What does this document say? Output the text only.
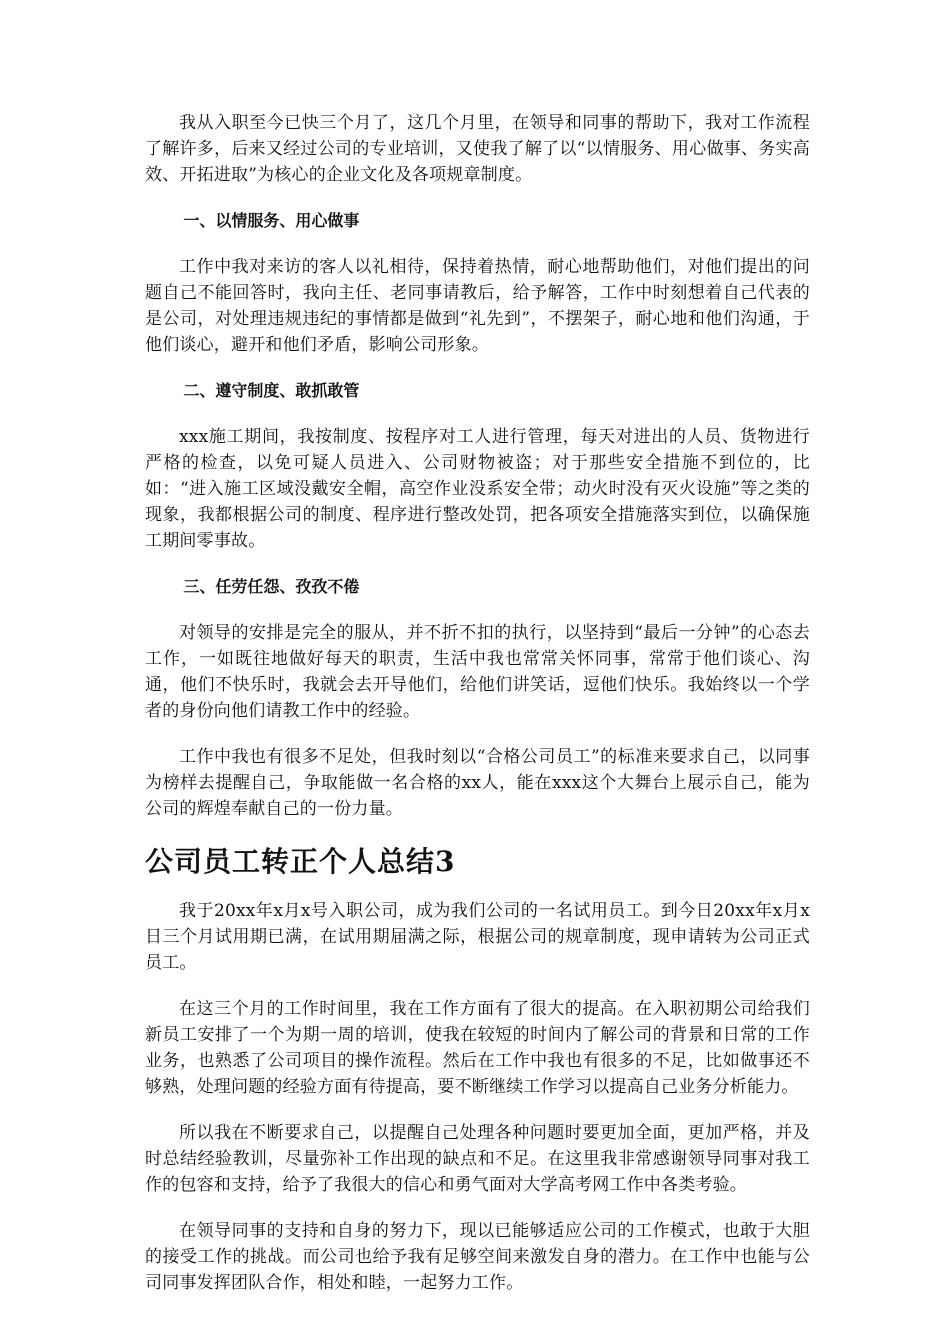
我从入职至今已快三个月了，这几个月里，在领导和同事的帮助下，我对工作流程了解许多，后来又经过公司的专业培训，又使我了解了以“以情服务、用心做事、务实高效、开拓进取”为核心的企业文化及各项规章制度。

一、以情服务、用心做事

工作中我对来访的客人以礼相待，保持着热情，耐心地帮助他们，对他们提出的问题自己不能回答时，我向主任、老同事请教后，给予解答，工作中时刻想着自己代表的是公司，对处理违规违纪的事情都是做到“礼先到”，不摆架子，耐心地和他们沟通，于他们谈心，避开和他们矛盾，影响公司形象。

二、遵守制度、敢抓敢管

xxx施工期间，我按制度、按程序对工人进行管理，每天对进出的人员、货物进行严格的检查，以免可疑人员进入、公司财物被盗；对于那些安全措施不到位的，比如：“进入施工区域没戴安全帽，高空作业没系安全带；动火时没有灭火设施”等之类的现象，我都根据公司的制度、程序进行整改处罚，把各项安全措施落实到位，以确保施工期间零事故。

三、任劳任怨、孜孜不倦

对领导的安排是完全的服从，并不折不扣的执行，以坚持到“最后一分钟”的心态去工作，一如既往地做好每天的职责，生活中我也常常关怀同事，常常于他们谈心、沟通，他们不快乐时，我就会去开导他们，给他们讲笑话，逗他们快乐。我始终以一个学者的身份向他们请教工作中的经验。

工作中我也有很多不足处，但我时刻以“合格公司员工”的标准来要求自己，以同事为榜样去提醒自己，争取能做一名合格的xx人，能在xxx这个大舞台上展示自己，能为公司的辉煌奉献自己的一份力量。

公司员工转正个人总结3

我于20xx年x月x号入职公司，成为我们公司的一名试用员工。到今日20xx年x月x日三个月试用期已满，在试用期届满之际，根据公司的规章制度，现申请转为公司正式员工。

在这三个月的工作时间里，我在工作方面有了很大的提高。在入职初期公司给我们新员工安排了一个为期一周的培训，使我在较短的时间内了解公司的背景和日常的工作业务，也熟悉了公司项目的操作流程。然后在工作中我也有很多的不足，比如做事还不够熟，处理问题的经验方面有待提高，要不断继续工作学习以提高自己业务分析能力。

所以我在不断要求自己，以提醒自己处理各种问题时要更加全面，更加严格，并及时总结经验教训，尽量弥补工作出现的缺点和不足。在这里我非常感谢领导同事对我工作的包容和支持，给予了我很大的信心和勇气面对大学高考网工作中各类考验。

在领导同事的支持和自身的努力下，现以已能够适应公司的工作模式，也敢于大胆的接受工作的挑战。而公司也给予我有足够空间来激发自身的潜力。在工作中也能与公司同事发挥团队合作，相处和睦，一起努力工作。
